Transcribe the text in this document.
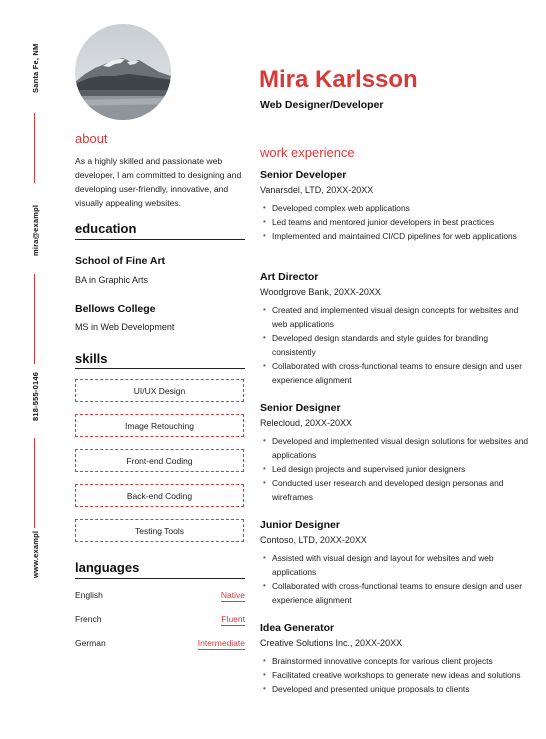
Santa Fe, NM
mira@exampl
818-555-0146
www.exampl
Mira Karlsson
Web Designer/Developer
about
As a highly skilled and passionate web developer, I am committed to designing and developing user-friendly, innovative, and visually appealing websites.
education
School of Fine Art
BA in Graphic Arts
Bellows College
MS in Web Development
skills
UI/UX Design
Image Retouching
Front-end Coding
Back-end Coding
Testing Tools
languages
English	Native
French	Fluent
German	Intermediate
work experience
Senior Developer
Vanarsdel, LTD, 20XX-20XX
• Developed complex web applications
• Led teams and mentored junior developers in best practices
• Implemented and maintained CI/CD pipelines for web applications
Art Director
Woodgrove Bank, 20XX-20XX
• Created and implemented visual design concepts for websites and web applications
• Developed design standards and style guides for branding consistently
• Collaborated with cross-functional teams to ensure design and user experience alignment
Senior Designer
Relecloud, 20XX-20XX
• Developed and implemented visual design solutions for websites and applications
• Led design projects and supervised junior designers
• Conducted user research and developed design personas and wireframes
Junior Designer
Contoso, LTD, 20XX-20XX
• Assisted with visual design and layout for websites and web applications
• Collaborated with cross-functional teams to ensure design and user experience alignment
Idea Generator
Creative Solutions Inc., 20XX-20XX
• Brainstormed innovative concepts for various client projects
• Facilitated creative workshops to generate new ideas and solutions
• Developed and presented unique proposals to clients
